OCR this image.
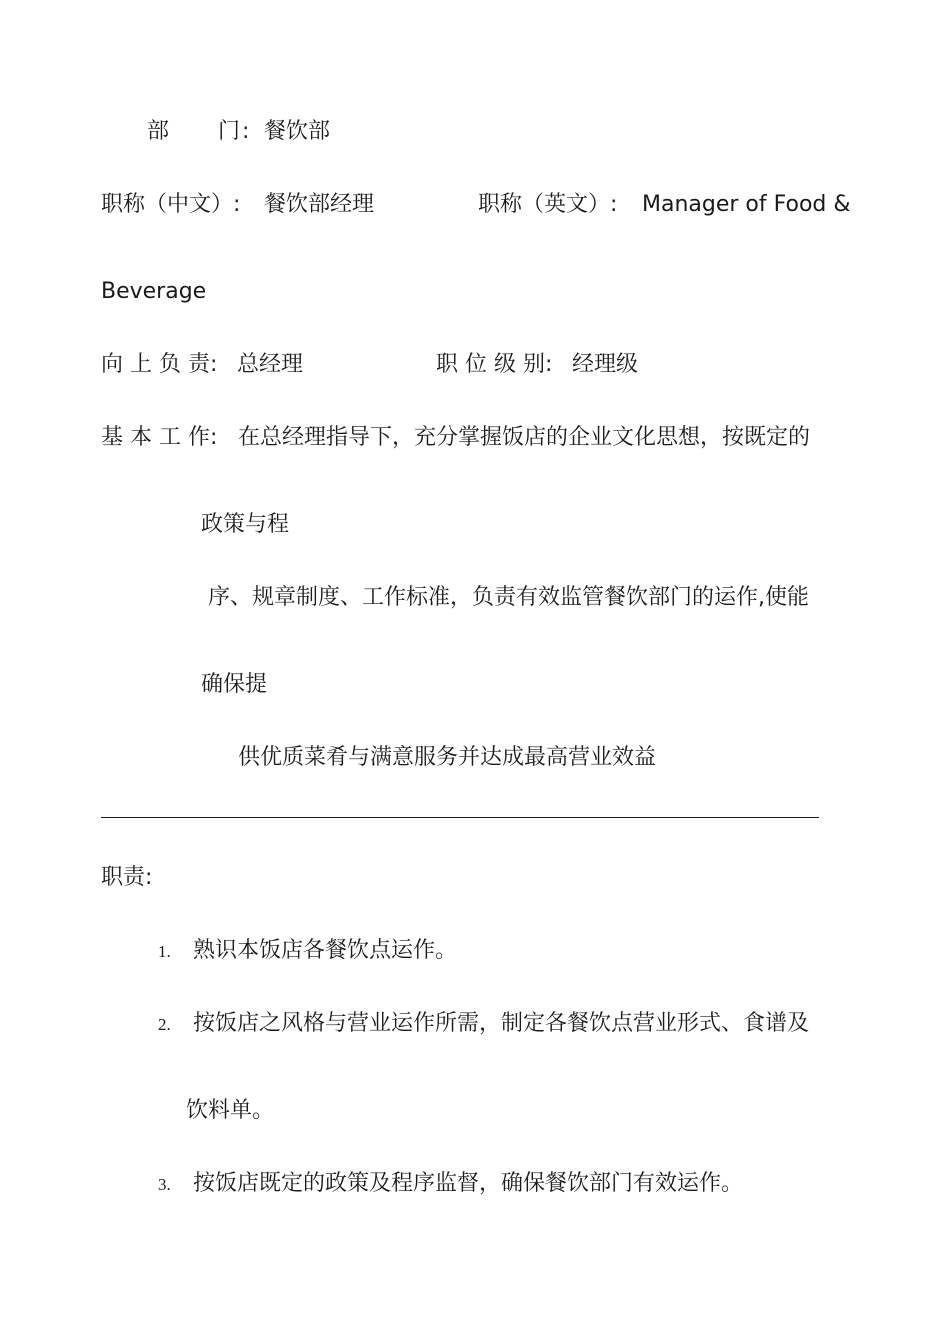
部 门 : 餐饮部
职称（中文）: 餐饮部经理	职称（英文）: Manager of Food &
Beverage
向 上 负 责: 总经理	职 位 级 别: 经理级
基 本 工 作: 在总经理指导下，充分掌握饭店的企业文化思想，按既定的
政策与程
序、规章制度、工作标准，负责有效监管餐饮部门的运作,使能
确保提
供优质菜肴与满意服务并达成最高营业效益
职责:
1. 熟识本饭店各餐饮点运作。
2. 按饭店之风格与营业运作所需，制定各餐饮点营业形式、食谱及
饮料单。
3. 按饭店既定的政策及程序监督，确保餐饮部门有效运作。
